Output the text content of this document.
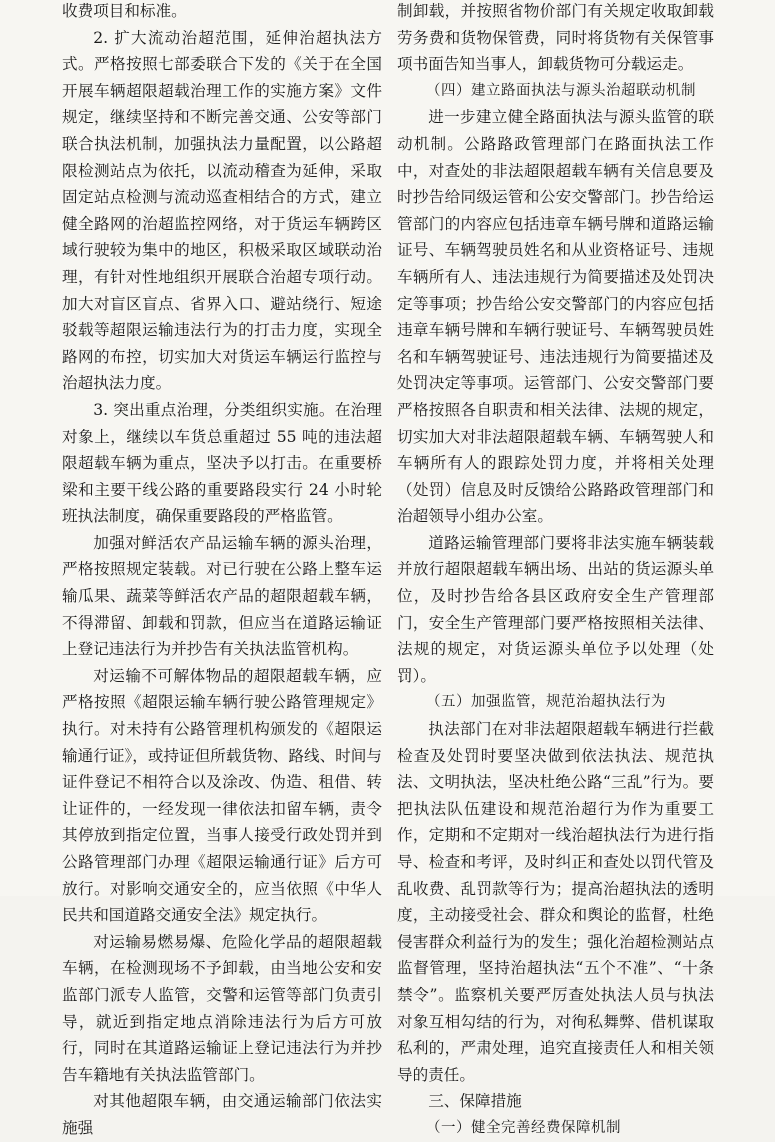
收费项目和标准。

2. 扩大流动治超范围，延伸治超执法方式。严格按照七部委联合下发的《关于在全国开展车辆超限超载治理工作的实施方案》文件规定，继续坚持和不断完善交通、公安等部门联合执法机制，加强执法力量配置，以公路超限检测站点为依托，以流动稽查为延伸，采取固定站点检测与流动巡查相结合的方式，建立健全路网的治超监控网络，对于货运车辆跨区域行驶较为集中的地区，积极采取区域联动治理，有针对性地组织开展联合治超专项行动。加大对盲区盲点、省界入口、避站绕行、短途驳载等超限运输违法行为的打击力度，实现全路网的布控，切实加大对货运车辆运行监控与治超执法力度。

3. 突出重点治理，分类组织实施。在治理对象上，继续以车货总重超过 55 吨的违法超限超载车辆为重点，坚决予以打击。在重要桥梁和主要干线公路的重要路段实行 24 小时轮班执法制度，确保重要路段的严格监管。

加强对鲜活农产品运输车辆的源头治理，严格按照规定装载。对已行驶在公路上整车运输瓜果、蔬菜等鲜活农产品的超限超载车辆，不得滞留、卸载和罚款，但应当在道路运输证上登记违法行为并抄告有关执法监管机构。

对运输不可解体物品的超限超载车辆，应严格按照《超限运输车辆行驶公路管理规定》执行。对未持有公路管理机构颁发的《超限运输通行证》，或持证但所载货物、路线、时间与证件登记不相符合以及涂改、伪造、租借、转让证件的，一经发现一律依法扣留车辆，责令其停放到指定位置，当事人接受行政处罚并到公路管理部门办理《超限运输通行证》后方可放行。对影响交通安全的，应当依照《中华人民共和国道路交通安全法》规定执行。

对运输易燃易爆、危险化学品的超限超载车辆，在检测现场不予卸载，由当地公安和安监部门派专人监管，交警和运管等部门负责引导，就近到指定地点消除违法行为后方可放行，同时在其道路运输证上登记违法行为并抄告车籍地有关执法监管部门。

对其他超限车辆，由交通运输部门依法实施强

制卸载，并按照省物价部门有关规定收取卸载劳务费和货物保管费，同时将货物有关保管事项书面告知当事人，卸载货物可分载运走。

（四）建立路面执法与源头治超联动机制

进一步建立健全路面执法与源头监管的联动机制。公路路政管理部门在路面执法工作中，对查处的非法超限超载车辆有关信息要及时抄告给同级运管和公安交警部门。抄告给运管部门的内容应包括违章车辆号牌和道路运输证号、车辆驾驶员姓名和从业资格证号、违规车辆所有人、违法违规行为简要描述及处罚决定等事项；抄告给公安交警部门的内容应包括违章车辆号牌和车辆行驶证号、车辆驾驶员姓名和车辆驾驶证号、违法违规行为简要描述及处罚决定等事项。运管部门、公安交警部门要严格按照各自职责和相关法律、法规的规定，切实加大对非法超限超载车辆、车辆驾驶人和车辆所有人的跟踪处罚力度，并将相关处理（处罚）信息及时反馈给公路路政管理部门和治超领导小组办公室。

道路运输管理部门要将非法实施车辆装载并放行超限超载车辆出场、出站的货运源头单位，及时抄告给各县区政府安全生产管理部门，安全生产管理部门要严格按照相关法律、法规的规定，对货运源头单位予以处理（处罚）。

（五）加强监管，规范治超执法行为

执法部门在对非法超限超载车辆进行拦截检查及处罚时要坚决做到依法执法、规范执法、文明执法，坚决杜绝公路“三乱”行为。要把执法队伍建设和规范治超行为作为重要工作，定期和不定期对一线治超执法行为进行指导、检查和考评，及时纠正和查处以罚代管及乱收费、乱罚款等行为；提高治超执法的透明度，主动接受社会、群众和舆论的监督，杜绝侵害群众利益行为的发生；强化治超检测站点监督管理，坚持治超执法“五个不准”、“十条禁令”。监察机关要严厉查处执法人员与执法对象互相勾结的行为，对徇私舞弊、借机谋取私利的，严肃处理，追究直接责任人和相关领导的责任。

三、保障措施
（一）健全完善经费保障机制
